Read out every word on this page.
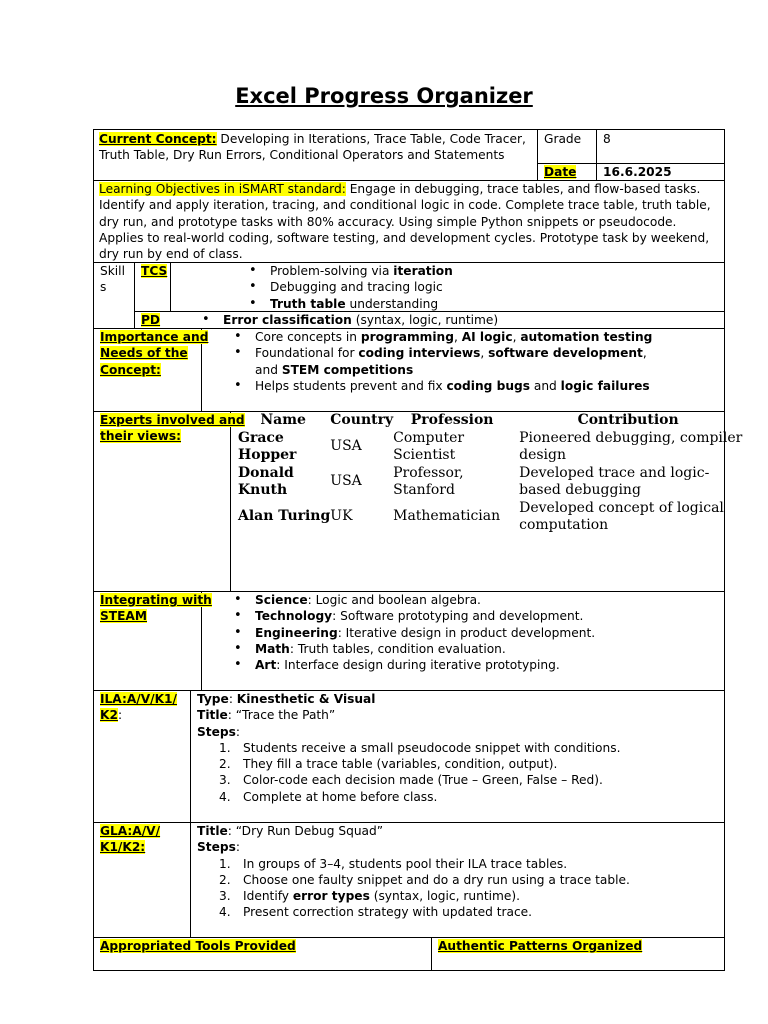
Excel Progress Organizer
Current Concept: Developing in Iterations, Trace Table, Code Tracer, Truth Table, Dry Run Errors, Conditional Operators and Statements
Grade 8
Date 16.6.2025
Learning Objectives in iSMART standard: Engage in debugging, trace tables, and flow-based tasks. Identify and apply iteration, tracing, and conditional logic in code. Complete trace table, truth table, dry run, and prototype tasks with 80% accuracy. Using simple Python snippets or pseudocode. Applies to real-world coding, software testing, and development cycles. Prototype task by weekend, dry run by end of class.
Skill
s
TCS	• Problem-solving via iteration
• Debugging and tracing logic
• Truth table understanding
PD	• Error classification (syntax, logic, runtime)
Importance and
Needs of the
Concept:
• Core concepts in programming, AI logic, automation testing
• Foundational for coding interviews, software development, and STEM competitions
• Helps students prevent and fix coding bugs and logic failures
Experts involved and
their views:
Name	Country	Profession	Contribution
Grace Hopper	USA	Computer Scientist	Pioneered debugging, compiler design
Donald Knuth	USA	Professor, Stanford	Developed trace and logic-based debugging
Alan Turing	UK	Mathematician	Developed concept of logical computation
Integrating with
STEAM
• Science: Logic and boolean algebra.
• Technology: Software prototyping and development.
• Engineering: Iterative design in product development.
• Math: Truth tables, condition evaluation.
• Art: Interface design during iterative prototyping.
ILA:A/V/K1/
K2:
Type: Kinesthetic & Visual
Title: “Trace the Path”
Steps:
1. Students receive a small pseudocode snippet with conditions.
2. They fill a trace table (variables, condition, output).
3. Color-code each decision made (True – Green, False – Red).
4. Complete at home before class.
GLA:A/V/
K1/K2:
Title: “Dry Run Debug Squad”
Steps:
1. In groups of 3–4, students pool their ILA trace tables.
2. Choose one faulty snippet and do a dry run using a trace table.
3. Identify error types (syntax, logic, runtime).
4. Present correction strategy with updated trace.
Appropriated Tools Provided	Authentic Patterns Organized
